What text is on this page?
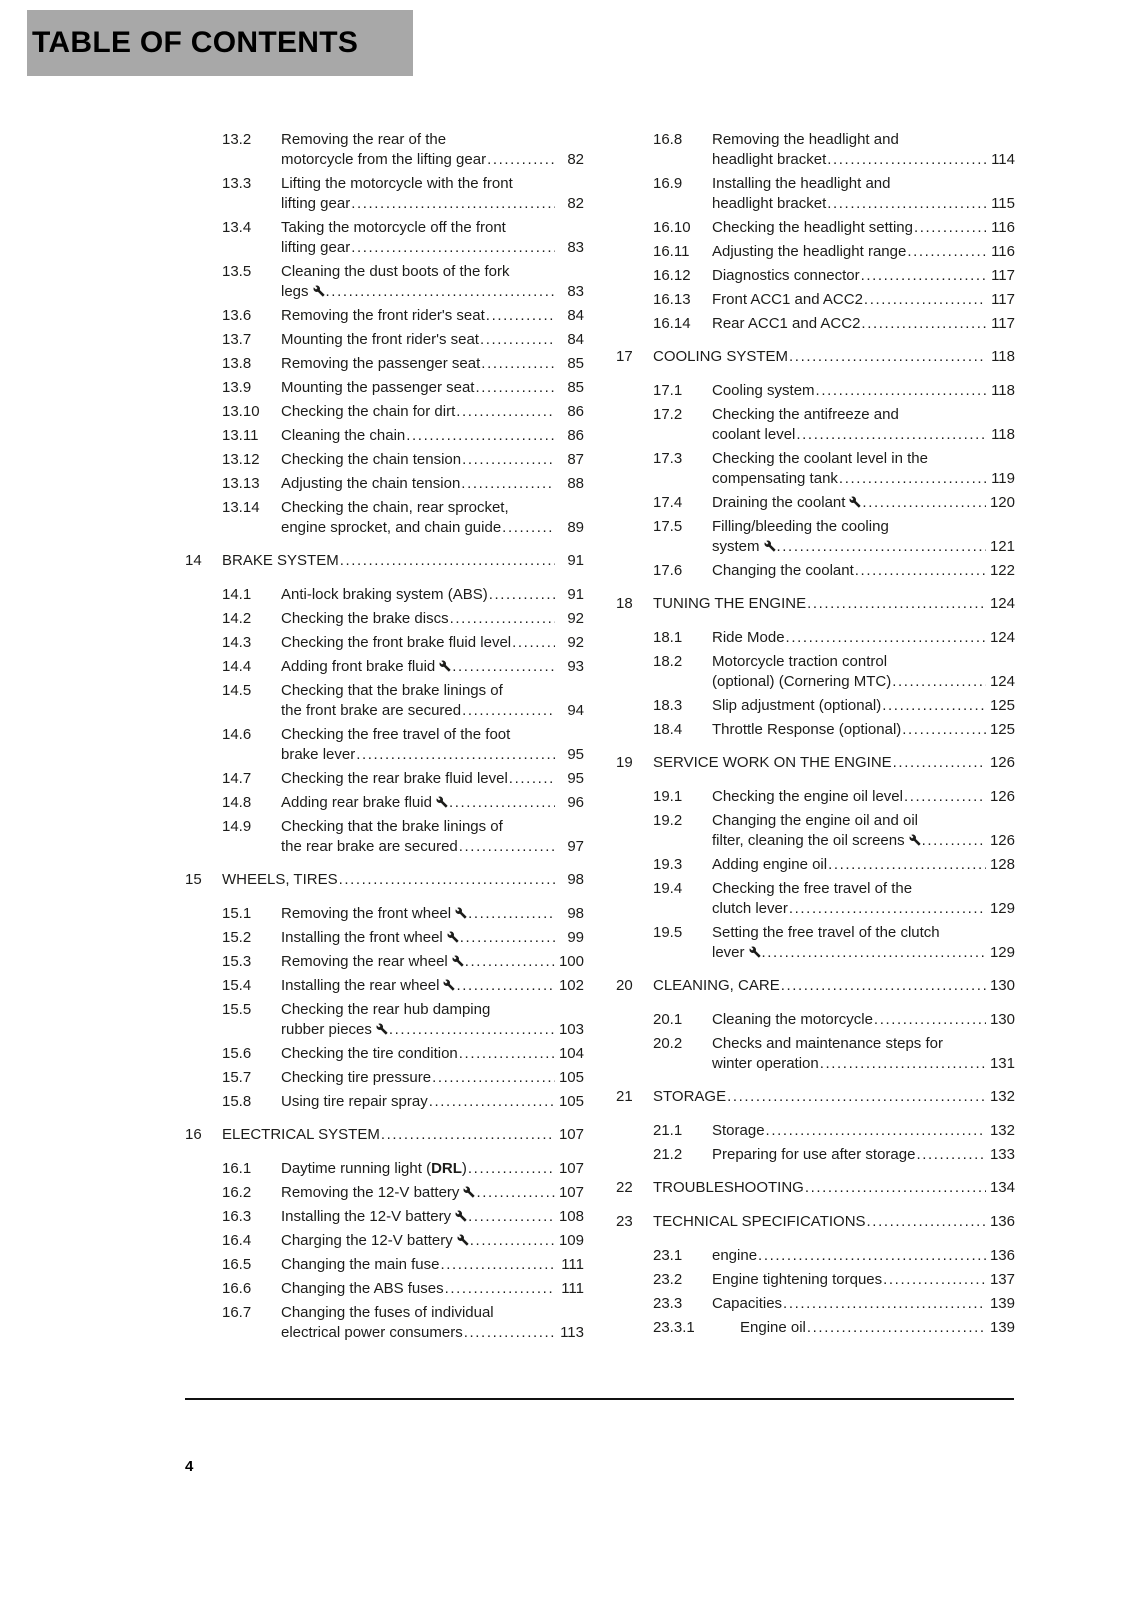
TABLE OF CONTENTS
13.2	Removing the rear of the
motorcycle from the lifting gear .....	82
13.3	Lifting the motorcycle with the front
lifting gear .....	82
13.4	Taking the motorcycle off the front
lifting gear .....	83
13.5	Cleaning the dust boots of the fork
legs .....	83
13.6	Removing the front rider's seat .....	84
13.7	Mounting the front rider's seat .....	84
13.8	Removing the passenger seat .....	85
13.9	Mounting the passenger seat .....	85
13.10	Checking the chain for dirt .....	86
13.11	Cleaning the chain .....	86
13.12	Checking the chain tension .....	87
13.13	Adjusting the chain tension .....	88
13.14	Checking the chain, rear sprocket,
engine sprocket, and chain guide .....	89
14	BRAKE SYSTEM .....	91
14.1	Anti-lock braking system (ABS) .....	91
14.2	Checking the brake discs .....	92
14.3	Checking the front brake fluid level .....	92
14.4	Adding front brake fluid .....	93
14.5	Checking that the brake linings of
the front brake are secured .....	94
14.6	Checking the free travel of the foot
brake lever .....	95
14.7	Checking the rear brake fluid level .....	95
14.8	Adding rear brake fluid .....	96
14.9	Checking that the brake linings of
the rear brake are secured .....	97
15	WHEELS, TIRES .....	98
15.1	Removing the front wheel .....	98
15.2	Installing the front wheel .....	99
15.3	Removing the rear wheel .....	100
15.4	Installing the rear wheel .....	102
15.5	Checking the rear hub damping
rubber pieces .....	103
15.6	Checking the tire condition .....	104
15.7	Checking tire pressure .....	105
15.8	Using tire repair spray .....	105
16	ELECTRICAL SYSTEM .....	107
16.1	Daytime running light (DRL) .....	107
16.2	Removing the 12-V battery .....	107
16.3	Installing the 12-V battery .....	108
16.4	Charging the 12-V battery .....	109
16.5	Changing the main fuse .....	111
16.6	Changing the ABS fuses .....	111
16.7	Changing the fuses of individual
electrical power consumers .....	113
16.8	Removing the headlight and
headlight bracket .....	114
16.9	Installing the headlight and
headlight bracket .....	115
16.10	Checking the headlight setting .....	116
16.11	Adjusting the headlight range .....	116
16.12	Diagnostics connector .....	117
16.13	Front ACC1 and ACC2 .....	117
16.14	Rear ACC1 and ACC2 .....	117
17	COOLING SYSTEM .....	118
17.1	Cooling system .....	118
17.2	Checking the antifreeze and
coolant level .....	118
17.3	Checking the coolant level in the
compensating tank .....	119
17.4	Draining the coolant .....	120
17.5	Filling/bleeding the cooling
system .....	121
17.6	Changing the coolant .....	122
18	TUNING THE ENGINE .....	124
18.1	Ride Mode .....	124
18.2	Motorcycle traction control
(optional) (Cornering MTC) .....	124
18.3	Slip adjustment (optional) .....	125
18.4	Throttle Response (optional) .....	125
19	SERVICE WORK ON THE ENGINE .....	126
19.1	Checking the engine oil level .....	126
19.2	Changing the engine oil and oil
filter, cleaning the oil screens .....	126
19.3	Adding engine oil .....	128
19.4	Checking the free travel of the
clutch lever .....	129
19.5	Setting the free travel of the clutch
lever .....	129
20	CLEANING, CARE .....	130
20.1	Cleaning the motorcycle .....	130
20.2	Checks and maintenance steps for
winter operation .....	131
21	STORAGE .....	132
21.1	Storage .....	132
21.2	Preparing for use after storage .....	133
22	TROUBLESHOOTING .....	134
23	TECHNICAL SPECIFICATIONS .....	136
23.1	engine .....	136
23.2	Engine tightening torques .....	137
23.3	Capacities .....	139
23.3.1	Engine oil .....	139
4
